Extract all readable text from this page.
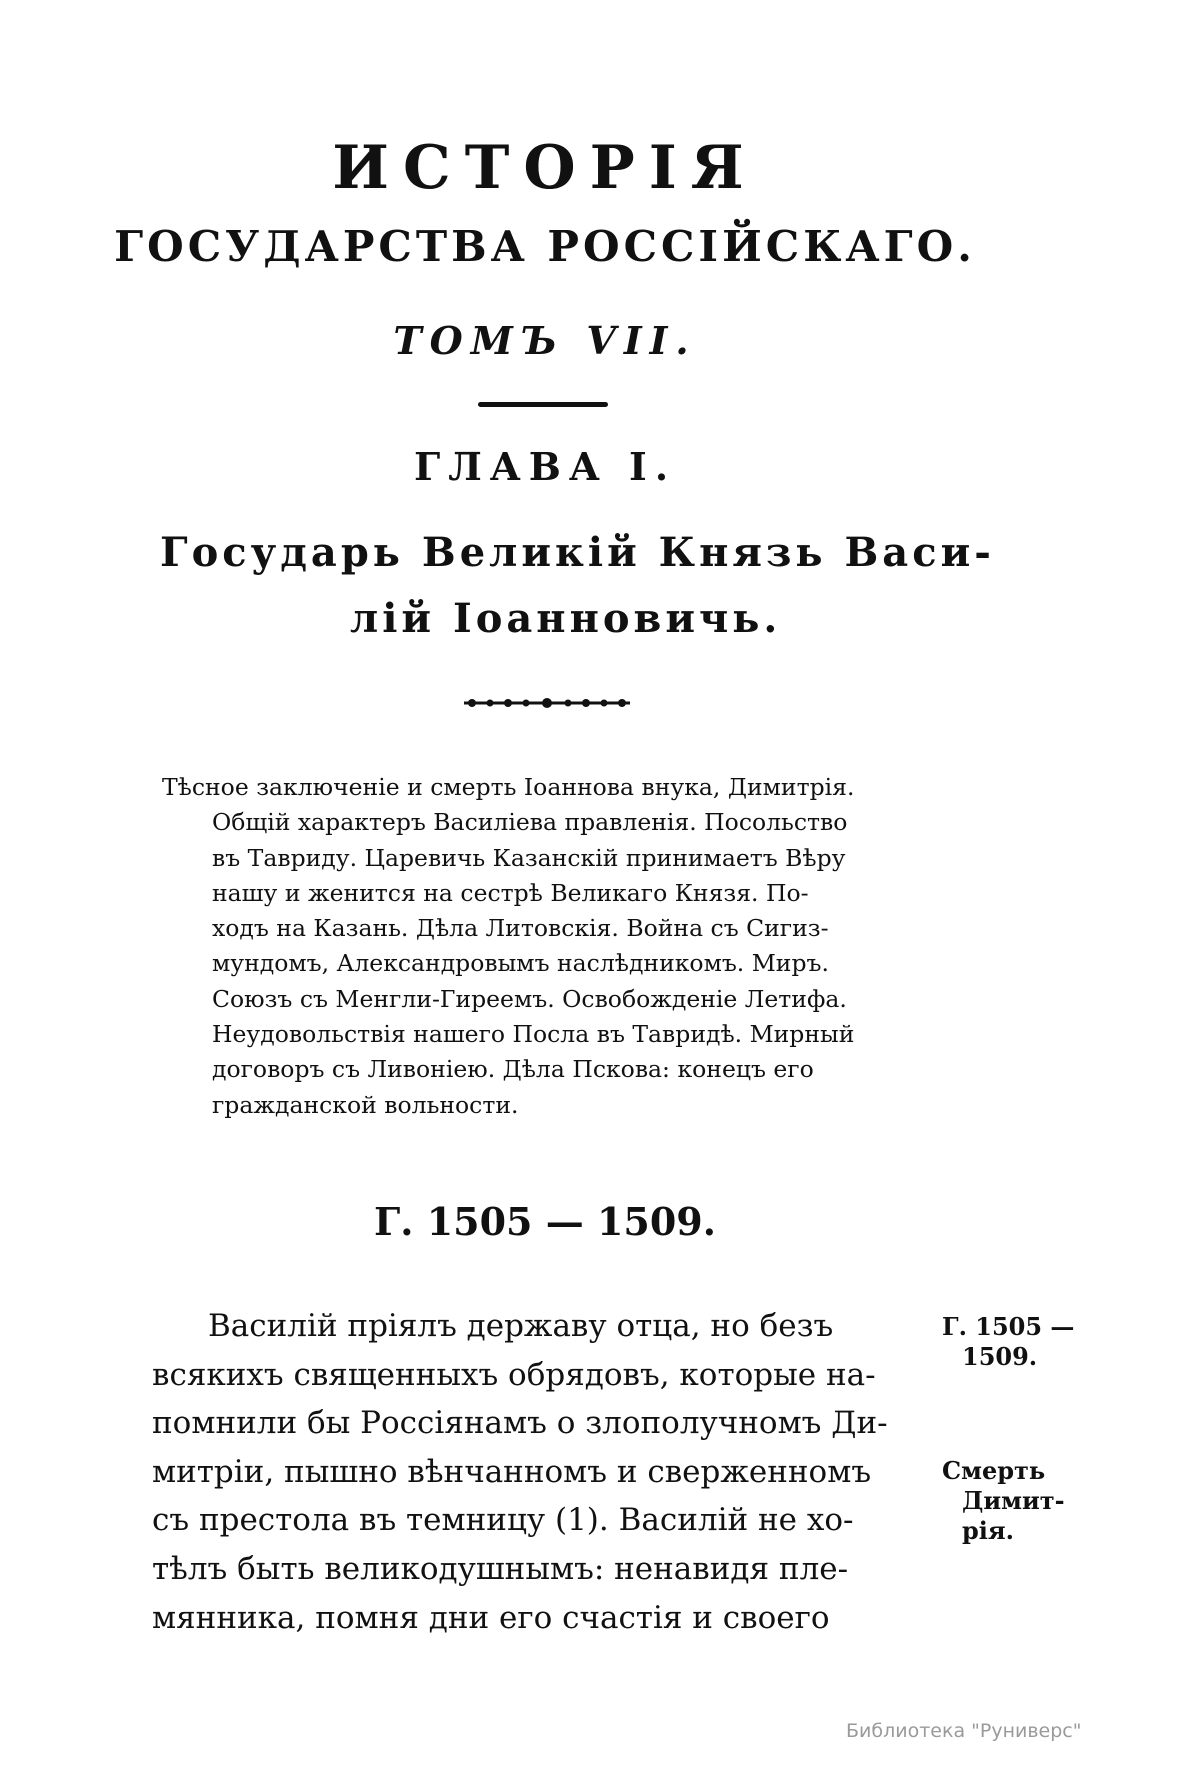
ИСТОРІЯ
ГОСУДАРСТВА РОССІЙСКАГО.
ТОМЪ VII.
ГЛАВА I.
Государь Великій Князь Васи-
лій Іоанновичь.
Тѣсное заключеніе и смерть Іоаннова внука, Димитрія.
Общій характеръ Василіева правленія. Посольство
въ Тавриду. Царевичь Казанскій принимаетъ Вѣру
нашу и женится на сестрѣ Великаго Князя. По-
ходъ на Казань. Дѣла Литовскія. Война съ Сигиз-
мундомъ, Александровымъ наслѣдникомъ. Миръ.
Союзъ съ Менгли-Гиреемъ. Освобожденіе Летифа.
Неудовольствія нашего Посла въ Тавридѣ. Мирный
договоръ съ Ливоніею. Дѣла Пскова: конецъ его
гражданской вольности.
Г. 1505 — 1509.
Василій пріялъ державу отца, но безъ
всякихъ священныхъ обрядовъ, которые на-
помнили бы Россіянамъ о злополучномъ Ди-
митріи, пышно вѣнчанномъ и сверженномъ
съ престола въ темницу (1). Василій не хо-
тѣлъ быть великодушнымъ: ненавидя пле-
мянника, помня дни его счастія и своего
Г. 1505 —
1509.
Смерть
Димит-
рія.
Библиотека "Руниверс"
